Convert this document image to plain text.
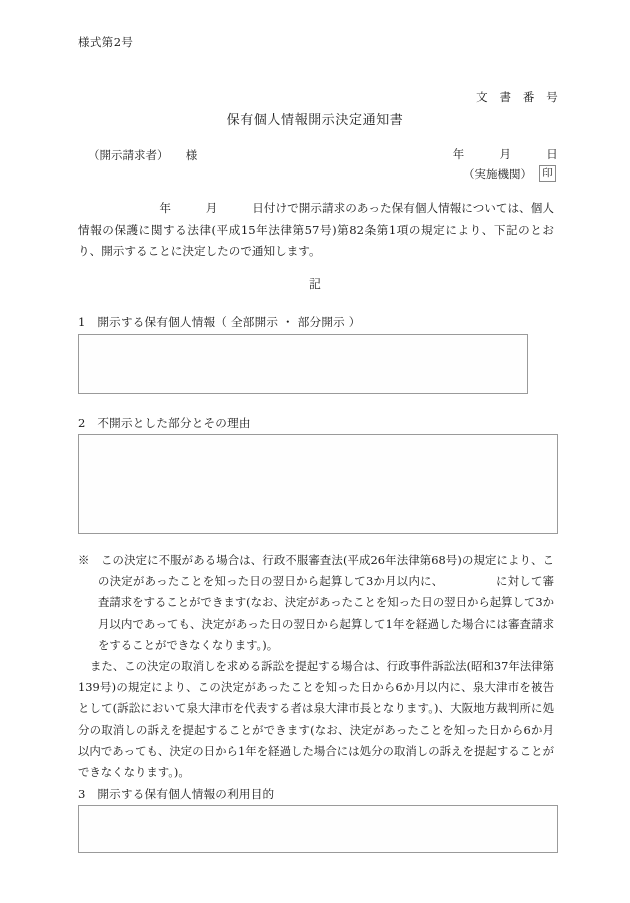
様式第2号

文　書　番　号

年　　　月　　　日

保有個人情報開示決定通知書
（開示請求者）　　様
（実施機関） 印
　　　　　　　年　　　月　　　日付けで開示請求のあった保有個人情報については、個人情報の保護に関する法律(平成15年法律第57号)第82条第1項の規定により、下記のとおり、開示することに決定したので通知します。
記
1　開示する保有個人情報（ 全部開示 ・ 部分開示 ）
2　不開示とした部分とその理由
※　この決定に不服がある場合は、行政不服審査法(平成26年法律第68号)の規定により、この決定があったことを知った日の翌日から起算して3か月以内に、　　　　　に対して審査請求をすることができます(なお、決定があったことを知った日の翌日から起算して3か月以内であっても、決定があった日の翌日から起算して1年を経過した場合には審査請求をすることができなくなります。)。
また、この決定の取消しを求める訴訟を提起する場合は、行政事件訴訟法(昭和37年法律第139号)の規定により、この決定があったことを知った日から6か月以内に、泉大津市を被告として(訴訟において泉大津市を代表する者は泉大津市長となります。)、大阪地方裁判所に処分の取消しの訴えを提起することができます(なお、決定があったことを知った日から6か月以内であっても、決定の日から1年を経過した場合には処分の取消しの訴えを提起することができなくなります。)。
3　開示する保有個人情報の利用目的
